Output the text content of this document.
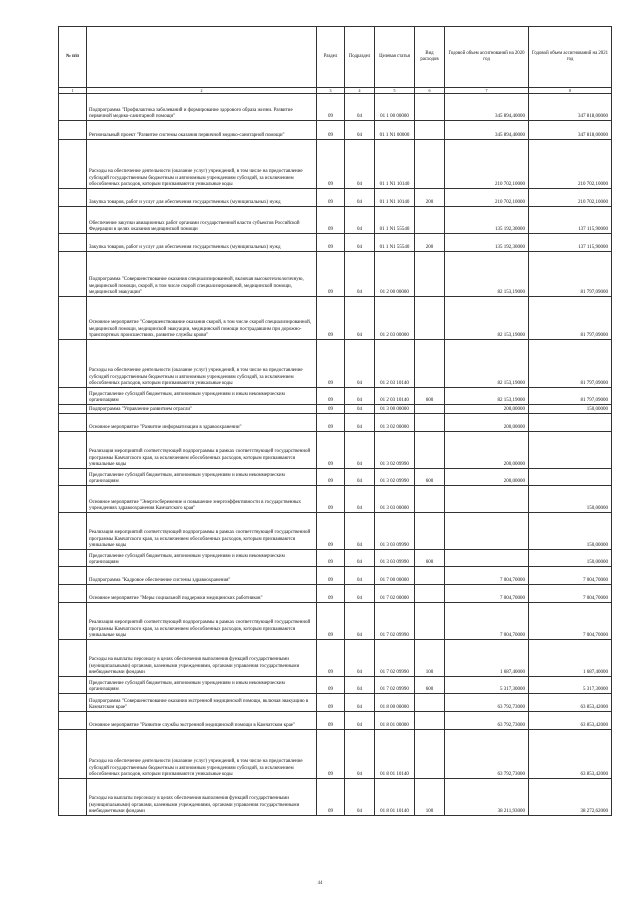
№ п/п		Раздел	Подраздел	Целевая статья	Вид расходов	Годовой объем ассигнований на 2020 год	Годовой объем ассигнований на 2021 год
1	2	3	4	5	6	7	8
	Подпрограмма "Профилактика заболеваний и формирование здорового образа жизни. Развитие первичной медико-санитарной помощи"	09	04	01 1 00 00000		345 894,40000	347 818,00000
	Региональный проект "Развитие системы оказания первичной медико-санитарной помощи"	09	04	01 1 N1 00000		345 894,40000	347 818,00000
	Расходы на обеспечение деятельности (оказание услуг) учреждений, в том числе на предоставление субсидий государственным бюджетным и автономным учреждениям субсидий, за исключением обособленных расходов, которым присваиваются уникальные коды	09	04	01 1 N1 10140		210 702,10000	210 702,10000
	Закупка товаров, работ и услуг для обеспечения государственных (муниципальных) нужд	09	04	01 1 N1 10140	200	210 702,10000	210 702,10000
	Обеспечение закупки авиационных работ органами государственной власти субъектов Российской Федерации в целях оказания медицинской помощи	09	04	01 1 N1 55540		135 192,30000	137 115,90000
	Закупка товаров, работ и услуг для обеспечения государственных (муниципальных) нужд	09	04	01 1 N1 55540	200	135 192,30000	137 115,90000
	Подпрограмма "Совершенствование оказания специализированной, включая высокотехнологичную, медицинской помощи, скорой, в том числе скорой специализированной, медицинской помощи, медицинской эвакуации"	09	04	01 2 00 00000		82 153,19000	81 797,09000
	Основное мероприятие "Совершенствование оказания скорой, в том числе скорой специализированной, медицинской помощи, медицинской эвакуации, медицинской помощи пострадавшим при дорожно-транспортных происшествиях, развитие службы крови"	09	04	01 2 03 00000		82 153,19000	81 797,09000
	Расходы на обеспечение деятельности (оказание услуг) учреждений, в том числе на предоставление субсидий государственным бюджетным и автономным учреждениям субсидий, за исключением обособленных расходов, которым присваиваются уникальные коды	09	04	01 2 03 10140		82 153,19000	81 797,09000
	Предоставление субсидий бюджетным, автономным учреждениям и иным некоммерческим организациям	09	04	01 2 03 10140	600	82 153,19000	81 797,09000
	Подпрограмма "Управление развитием отрасли"	09	04	01 3 00 00000		200,00000	150,00000
	Основное мероприятие "Развитие информатизации в здравоохранении"	09	04	01 3 02 00000		200,00000	
	Реализация мероприятий соответствующей подпрограммы в рамках соответствующей государственной программы Камчатского края, за исключением обособленных расходов, которым присваиваются уникальные коды	09	04	01 3 02 09990		200,00000	
	Предоставление субсидий бюджетным, автономным учреждениям и иным некоммерческим организациям	09	04	01 3 02 09990	600	200,00000	
	Основное мероприятие "Энергосбережение и повышение энергоэффективности в государственных учреждениях здравоохранения Камчатского края"	09	04	01 3 03 00000			150,00000
	Реализация мероприятий соответствующей подпрограммы в рамках соответствующей государственной программы Камчатского края, за исключением обособленных расходов, которым присваиваются уникальные коды	09	04	01 3 03 09990			150,00000
	Предоставление субсидий бюджетным, автономным учреждениям и иным некоммерческим организациям	09	04	01 3 03 09990	600		150,00000
	Подпрограмма "Кадровое обеспечение системы здравоохранения"	09	04	01 7 00 00000		7 004,70000	7 004,70000
	Основное мероприятие "Меры социальной поддержки медицинских работников"	09	04	01 7 02 00000		7 004,70000	7 004,70000
	Реализация мероприятий соответствующей подпрограммы в рамках соответствующей государственной программы Камчатского края, за исключением обособленных расходов, которым присваиваются уникальные коды	09	04	01 7 02 09990		7 004,70000	7 004,70000
	Расходы на выплаты персоналу в целях обеспечения выполнения функций государственными (муниципальными) органами, казенными учреждениями, органами управления государственными внебюджетными фондами	09	04	01 7 02 09990	100	1 687,40000	1 687,40000
	Предоставление субсидий бюджетным, автономным учреждениям и иным некоммерческим организациям	09	04	01 7 02 09990	600	5 317,30000	5 317,30000
	Подпрограмма "Совершенствование оказания экстренной медицинской помощи, включая эвакуацию в Камчатском крае"	09	04	01 8 00 00000		63 792,73000	63 853,42000
	Основное мероприятие "Развитие службы экстренной медицинской помощи в Камчатском крае"	09	04	01 8 01 00000		63 792,73000	63 853,42000
	Расходы на обеспечение деятельности (оказание услуг) учреждений, в том числе на предоставление субсидий государственным бюджетным и автономным учреждениям субсидий, за исключением обособленных расходов, которым присваиваются уникальные коды	09	04	01 8 01 10140		63 792,73000	63 853,42000
	Расходы на выплаты персоналу в целях обеспечения выполнения функций государственными (муниципальными) органами, казенными учреждениями, органами управления государственными внебюджетными фондами	09	04	01 8 01 10140	100	38 211,93000	38 272,62000
44
